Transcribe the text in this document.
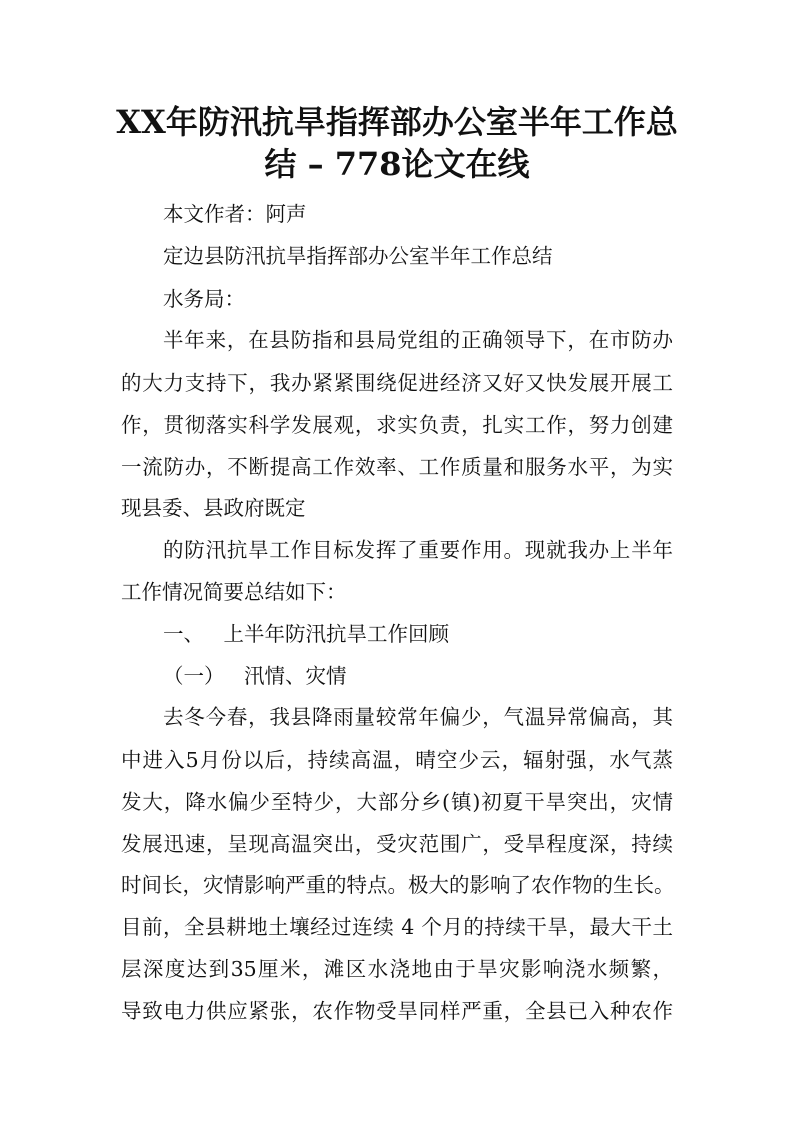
XX年防汛抗旱指挥部办公室半年工作总

结 – 778论文在线

本文作者：阿声

定边县防汛抗旱指挥部办公室半年工作总结

水务局：

半年来，在县防指和县局党组的正确领导下，在市防办

的大力支持下，我办紧紧围绕促进经济又好又快发展开展工

作，贯彻落实科学发展观，求实负责，扎实工作，努力创建

一流防办，不断提高工作效率、工作质量和服务水平，为实

现县委、县政府既定

的防汛抗旱工作目标发挥了重要作用。现就我办上半年

工作情况简要总结如下：

一、   上半年防汛抗旱工作回顾

（一）   汛情、灾情

去冬今春，我县降雨量较常年偏少，气温异常偏高，其

中进入5月份以后，持续高温，晴空少云，辐射强，水气蒸

发大，降水偏少至特少，大部分乡(镇)初夏干旱突出，灾情

发展迅速，呈现高温突出，受灾范围广，受旱程度深，持续

时间长，灾情影响严重的特点。极大的影响了农作物的生长。

目前，全县耕地土壤经过连续 4 个月的持续干旱，最大干土

层深度达到35厘米，滩区水浇地由于旱灾影响浇水频繁，

导致电力供应紧张，农作物受旱同样严重，全县已入种农作
